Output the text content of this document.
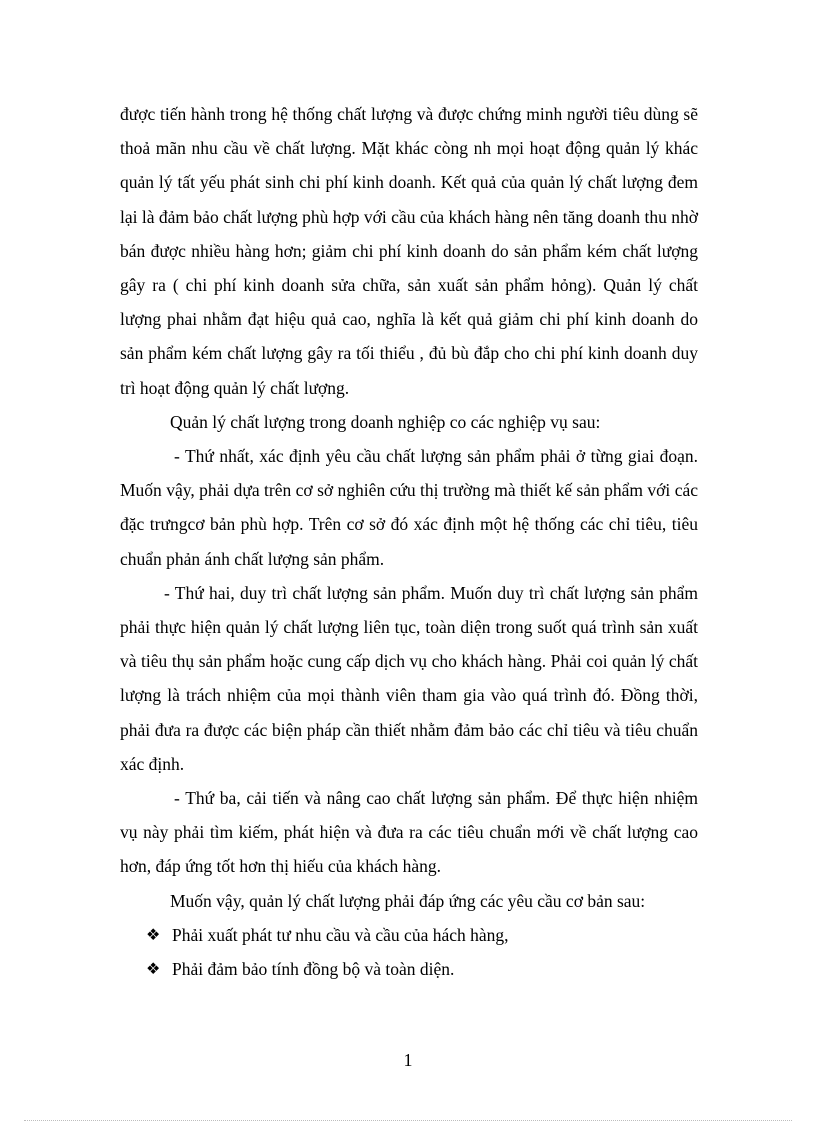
được tiến hành trong hệ thống chất lượng và được chứng minh người tiêu dùng sẽ thoả mãn nhu cầu về chất lượng. Mặt khác còng nh mọi hoạt động quản lý khác quản lý tất yếu phát sinh chi phí kinh doanh. Kết quả của quản lý chất lượng đem lại là đảm bảo chất lượng phù hợp với cầu của khách hàng nên tăng doanh thu nhờ bán được nhiều hàng hơn; giảm chi phí kinh doanh do sản phẩm kém chất lượng gây ra ( chi phí kinh doanh sửa chữa, sản xuất sản phẩm hỏng). Quản lý chất lượng phai nhằm đạt hiệu quả cao, nghĩa là kết quả giảm chi phí kinh doanh do sản phẩm kém chất lượng gây ra tối thiểu , đủ bù đắp cho chi phí kinh doanh duy trì hoạt động quản lý chất lượng.

Quản lý chất lượng trong doanh nghiệp co các nghiệp vụ sau:

- Thứ nhất, xác định yêu cầu chất lượng sản phẩm phải ở từng giai đoạn. Muốn vậy, phải dựa trên cơ sở nghiên cứu thị trường mà thiết kế sản phẩm với các đặc trưngcơ bản phù hợp. Trên cơ sở đó xác định một hệ thống các chỉ tiêu, tiêu chuẩn phản ánh chất lượng sản phẩm.

- Thứ hai, duy trì chất lượng sản phẩm. Muốn duy trì chất lượng sản phẩm phải thực hiện quản lý chất lượng liên tục, toàn diện trong suốt quá trình sản xuất và tiêu thụ sản phẩm hoặc cung cấp dịch vụ cho khách hàng. Phải coi quản lý chất lượng là trách nhiệm của mọi thành viên tham gia vào quá trình đó. Đồng thời, phải đưa ra được các biện pháp cần thiết nhằm đảm bảo các chỉ tiêu và tiêu chuẩn xác định.

- Thứ ba, cải tiến và nâng cao chất lượng sản phẩm. Để thực hiện nhiệm vụ này phải tìm kiếm, phát hiện và đưa ra các tiêu chuẩn mới về chất lượng cao hơn, đáp ứng tốt hơn thị hiếu của khách hàng.

Muốn vậy, quản lý chất lượng phải đáp ứng các yêu cầu cơ bản sau:

❖ Phải xuất phát tư nhu cầu và cầu của hách hàng,
❖ Phải đảm bảo tính đồng bộ và toàn diện.
1
